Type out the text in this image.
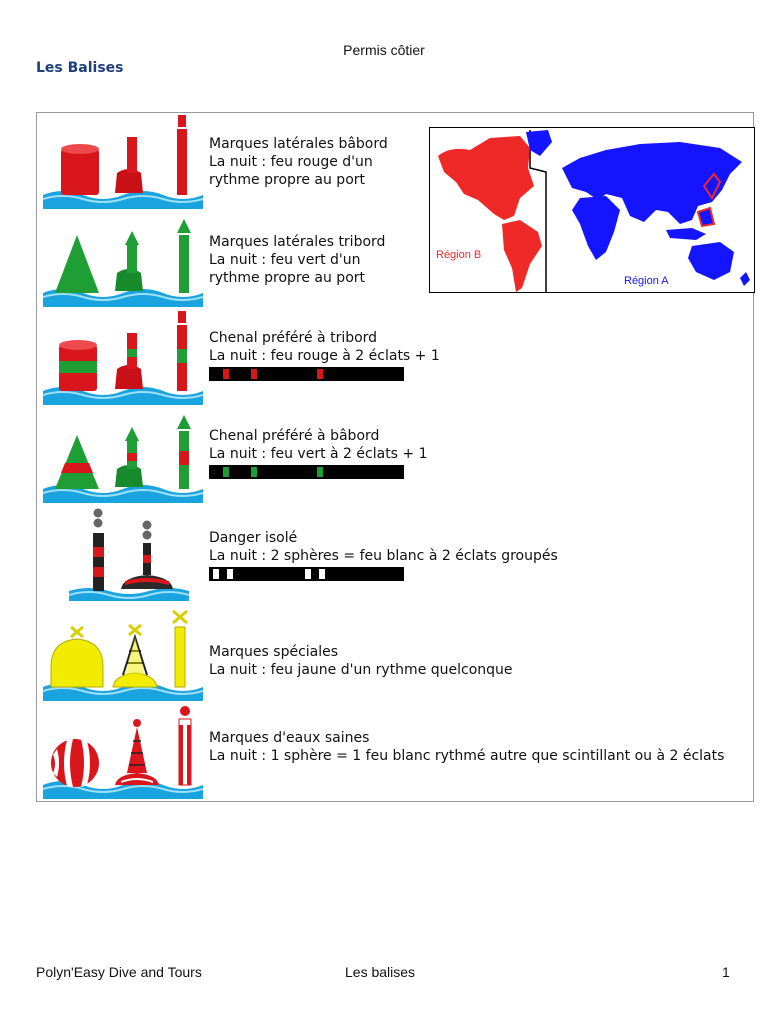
Permis côtier
Les Balises
Marques latérales bâbord
La nuit : feu rouge d'un
rythme propre au port
Marques latérales tribord
La nuit : feu vert d'un
rythme propre au port
Chenal préféré à tribord
La nuit : feu rouge à 2 éclats + 1
Chenal préféré à bâbord
La nuit : feu vert à 2 éclats + 1
Danger isolé
La nuit : 2 sphères = feu blanc à 2 éclats groupés
Marques spéciales
La nuit : feu jaune d'un rythme quelconque
Marques d'eaux saines
La nuit : 1 sphère = 1 feu blanc rythmé autre que scintillant ou à 2 éclats
Région B
Région A
Polyn'Easy Dive and Tours	Les balises	1
